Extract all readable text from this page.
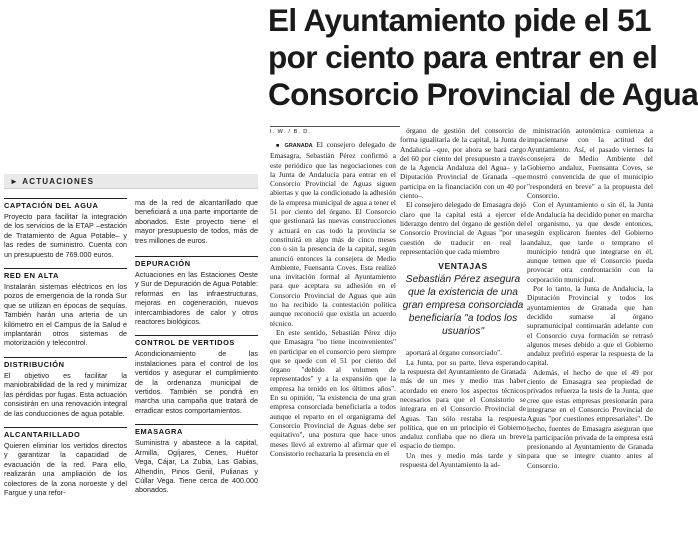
El Ayuntamiento pide el 51
por ciento para entrar en el
Consorcio Provincial de Agua
► ACTUACIONES
CAPTACIÓN DEL AGUA
Proyecto para facilitar la integración de los servicios de la ETAP –estación de Tratamiento de Agua Potable– y las redes de suministro. Cuenta con un presupuesto de 769.000 euros.
RED EN ALTA
Instalarán sistemas eléctricos en los pozos de emergencia de la ronda Sur que se utilizan en épocas de sequías. También harán una arteria de un kilómetro en el Campus de la Salud e implantarán otros sistemas de motorización y telecontrol.
DISTRIBUCIÓN
El objetivo es facilitar la maniobrabilidad de la red y minimizar las pérdidas por fugas. Esta actuación consistirán en una renovación integral de las conducciones de agua potable.
ALCANTARILLADO
Quieren eliminar los vertidos directos y garantizar la capacidad de evacuación de la red. Para ello, realizarán una ampliación de los colectores de la zona noroeste y del Fargue y una refor-
ma de la red de alcantarillado que beneficiará a una parte importante de abonados. Este proyecto tiene el mayor presupuesto de todos, más de tres millones de euros.
DEPURACIÓN
Actuaciones en las Estaciones Oeste y Sur de Depuración de Agua Potable: reformas en las infraestructuras, mejoras en cogeneración, nuevos intercambiadores de calor y otros reactores biológicos.
CONTROL DE VERTIDOS
Acondicionamiento de las instalaciones para el control de los vertidos y asegurar el cumplimiento de la ordenanza municipal de vertidos. También se pondrá en marcha una campaña que tratará de erradicar estos comportamientos.
EMASAGRA
Suministra y abastece a la capital, Armilla, Ogíjares, Cenes, Huétor Vega, Cájar, La Zubia, Las Gabias, Alhendín, Pinos Genil, Pulianas y Cúllar Vega. Tiene cerca de 400.000 abonados.
I. W. / B. D.

■ GRANADA El consejero delegado de Emasagra, Sebastián Pérez confirmó a este periódico que las negociaciones con la Junta de Andalucía para entrar en el Consorcio Provincial de Aguas siguen abiertas y que la condicionado la adhesión de la empresa municipal de agua a tener el 51 por ciento del órgano. El Consorcio que gestionará las nuevas construcciones y actuará en cas todo la provincia se constituirá en algo más de cinco meses con o sin la presencia de la capital, según anunció entonces la consejera de Medio Ambiente, Fuensanta Coves. Esta realizó una invitación formal al Ayuntamiento para que aceptara su adhesión en el Consorcio Provincial de Aguas que aún no ha recibido la contestación política aunque reconoció que existía un acuerdo técnico.

En este sentido, Sebastián Pérez dijo que Emasagra "no tiene inconvenientes" en participar en el consorcio pero siempre que se quede con el 51 por ciento del órgano "debido al volumen de representados" y a la expansión que la empresa ha tenido en los últimos años". En su opinión, "la existencia de una gran empresa consorciada beneficiaría a todos aunque el reparto en el organigrama del Consorcio Provincial de Aguas debe ser equitativo", una postura que hace unos meses llevó al extremo al afirmar que el Consistorio rechazaría la presencia en el

órgano de gestión del consorcio de forma igualitaria de la capital, la Junta de Andalucía –que, por ahora se hará cargo del 60 por ciento del presupuesto a través de la Agencia Andaluza del Agua– y la Diputación Provincial de Granada –que participa en la financiación con un 40 por ciento–.

El consejero delegado de Emasagra dejó claro que la capital está a ejercer el liderazgo dentro del órgano de gestión del Consorcio Provincial de Aguas "por una cuestión de traducir en real la representación que cada miembro

VENTAJAS
Sebastián Pérez asegura que la existencia de una gran empresa consorciada beneficiaría "a todos los usuarios"

aportará al órgano consorciado".

La Junta, por su parte, lleva esperando la respuesta del Ayuntamiento de Granada más de un mes y medio tras haber acordado en enero los aspectos técnicos necesarios para que el Consistorio se integrara en el Consorcio Provincial de Aguas. Tan sólo restaba la respuesta política, que en un principio el Gobierno andaluz confiaba que no diera un breve espacio de tiempo.

Un mes y medio más tarde y sin respuesta del Ayuntamiento la ad-

ministración autonómica comienza a impacientarse con la actitud del Ayuntamiento. Así, el pasado viernes la consejera de Medio Ambiente del Gobierno andaluz, Fuensanta Coves, se mostró convencida de que el municipio "responderá en breve" a la propuesta del Consorcio.

Con el Ayuntamiento o sin él, la Junta de Andalucía ha decidido poner en marcha el organismo, ya que desde entonces, según explicaron fuentes del Gobierno andaluz, que tarde o temprano el municipio tendrá que integrarse en él, aunque temen que el Consorcio pueda provocar otra confrontación con la corporación municipal.

Por lo tanto, la Junta de Andalucía, la Diputación Provincial y todos los ayuntamientos de Granada que han decidido sumarse al órgano supramunicipal continuarán adelante con el Consorcio cuya formación se retrasó algunos meses debido a que el Gobierno andaluz prefirió esperar la respuesta de la capital.

Además, el hecho de que el 49 por ciento de Emasagra sea propiedad de privados refuerza la tesis de la Junta, que cree que estas empresas presionarán para integrarse en el Consorcio Provincial de Aguas "por cuestiones empresariales". De hecho, fuentes de Emasagra aseguran que la participación privada de la empresa está presionando al Ayuntamiento de Granada para que se integre cuanto antes al Consorcio.
